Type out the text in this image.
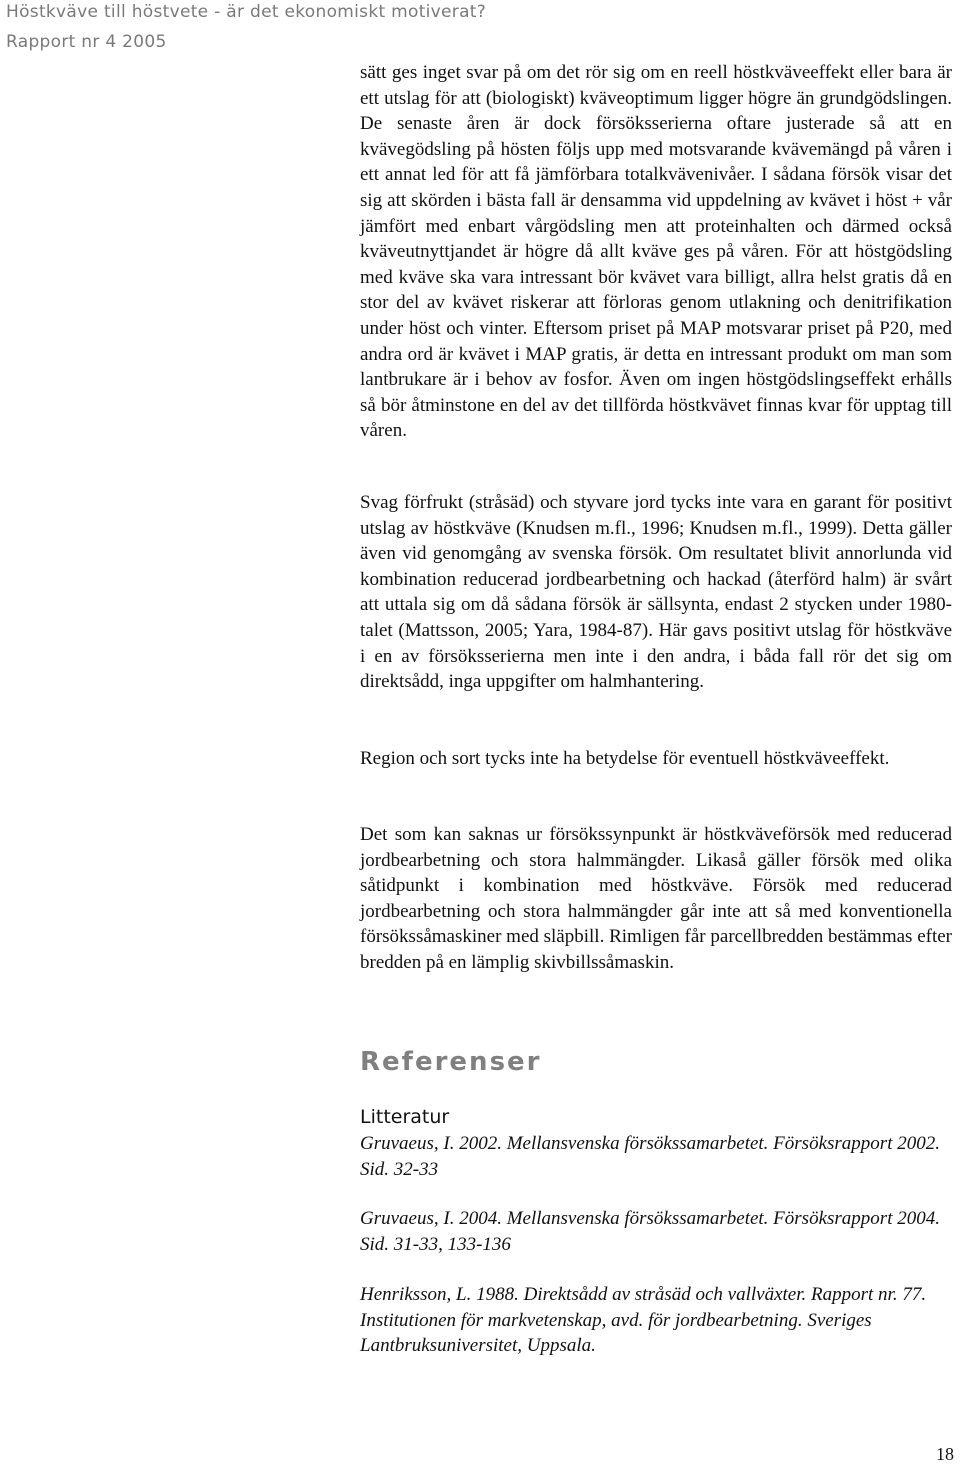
Höstkväve till höstvete - är det ekonomiskt motiverat?
Rapport nr 4 2005

sätt ges inget svar på om det rör sig om en reell höstkväveeffekt eller bara är ett utslag för att (biologiskt) kväveoptimum ligger högre än grundgödslingen. De senaste åren är dock försöksserierna oftare justerade så att en kvävegödsling på hösten följs upp med motsvarande kvävemängd på våren i ett annat led för att få jämförbara totalkvävenivåer. I sådana försök visar det sig att skörden i bästa fall är densamma vid uppdelning av kvävet i höst + vår jämfört med enbart vårgödsling men att proteinhalten och därmed också kväveutnyttjandet är högre då allt kväve ges på våren. För att höstgödsling med kväve ska vara intressant bör kvävet vara billigt, allra helst gratis då en stor del av kvävet riskerar att förloras genom utlakning och denitrifikation under höst och vinter. Eftersom priset på MAP motsvarar priset på P20, med andra ord är kvävet i MAP gratis, är detta en intressant produkt om man som lantbrukare är i behov av fosfor. Även om ingen höstgödslingseffekt erhålls så bör åtminstone en del av det tillförda höstkvävet finnas kvar för upptag till våren.

Svag förfrukt (stråsäd) och styvare jord tycks inte vara en garant för positivt utslag av höstkväve (Knudsen m.fl., 1996; Knudsen m.fl., 1999). Detta gäller även vid genomgång av svenska försök. Om resultatet blivit annorlunda vid kombination reducerad jordbearbetning och hackad (återförd halm) är svårt att uttala sig om då sådana försök är sällsynta, endast 2 stycken under 1980-talet (Mattsson, 2005; Yara, 1984-87). Här gavs positivt utslag för höstkväve i en av försöksserierna men inte i den andra, i båda fall rör det sig om direktsådd, inga uppgifter om halmhantering.

Region och sort tycks inte ha betydelse för eventuell höstkväveeffekt.

Det som kan saknas ur försökssynpunkt är höstkväveförsök med reducerad jordbearbetning och stora halmmängder. Likaså gäller försök med olika såtidpunkt i kombination med höstkväve. Försök med reducerad jordbearbetning och stora halmmängder går inte att så med konventionella försökssåmaskiner med släpbill. Rimligen får parcellbredden bestämmas efter bredden på en lämplig skivbillssåmaskin.

Referenser
Litteratur

Gruvaeus, I. 2002. Mellansvenska försökssamarbetet. Försöksrapport 2002. Sid. 32-33

Gruvaeus, I. 2004. Mellansvenska försökssamarbetet. Försöksrapport 2004. Sid. 31-33, 133-136

Henriksson, L. 1988. Direktsådd av stråsäd och vallväxter. Rapport nr. 77. Institutionen för markvetenskap, avd. för jordbearbetning. Sveriges Lantbruksuniversitet, Uppsala.

18
